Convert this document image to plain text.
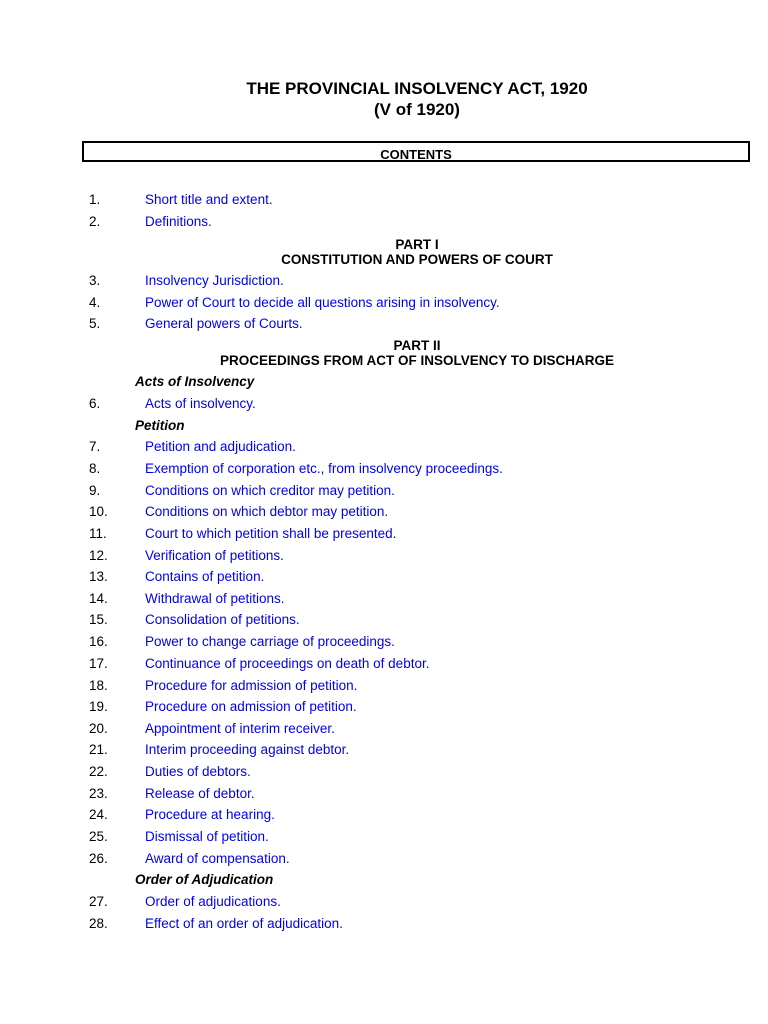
THE PROVINCIAL INSOLVENCY ACT, 1920
(V of 1920)
CONTENTS
1.	Short title and extent.
2.	Definitions.
PART I
CONSTITUTION AND POWERS OF COURT
3.	Insolvency Jurisdiction.
4.	Power of Court to decide all questions arising in insolvency.
5.	General powers of Courts.
PART II
PROCEEDINGS FROM ACT OF INSOLVENCY TO DISCHARGE
Acts of Insolvency
6.	Acts of insolvency.
Petition
7.	Petition and adjudication.
8.	Exemption of corporation etc., from insolvency proceedings.
9.	Conditions on which creditor may petition.
10.	Conditions on which debtor may petition.
11.	Court to which petition shall be presented.
12.	Verification of petitions.
13.	Contains of petition.
14.	Withdrawal of petitions.
15.	Consolidation of petitions.
16.	Power to change carriage of proceedings.
17.	Continuance of proceedings on death of debtor.
18.	Procedure for admission of petition.
19.	Procedure on admission of petition.
20.	Appointment of interim receiver.
21.	Interim proceeding against debtor.
22.	Duties of debtors.
23.	Release of debtor.
24.	Procedure at hearing.
25.	Dismissal of petition.
26.	Award of compensation.
Order of Adjudication
27.	Order of adjudications.
28.	Effect of an order of adjudication.
